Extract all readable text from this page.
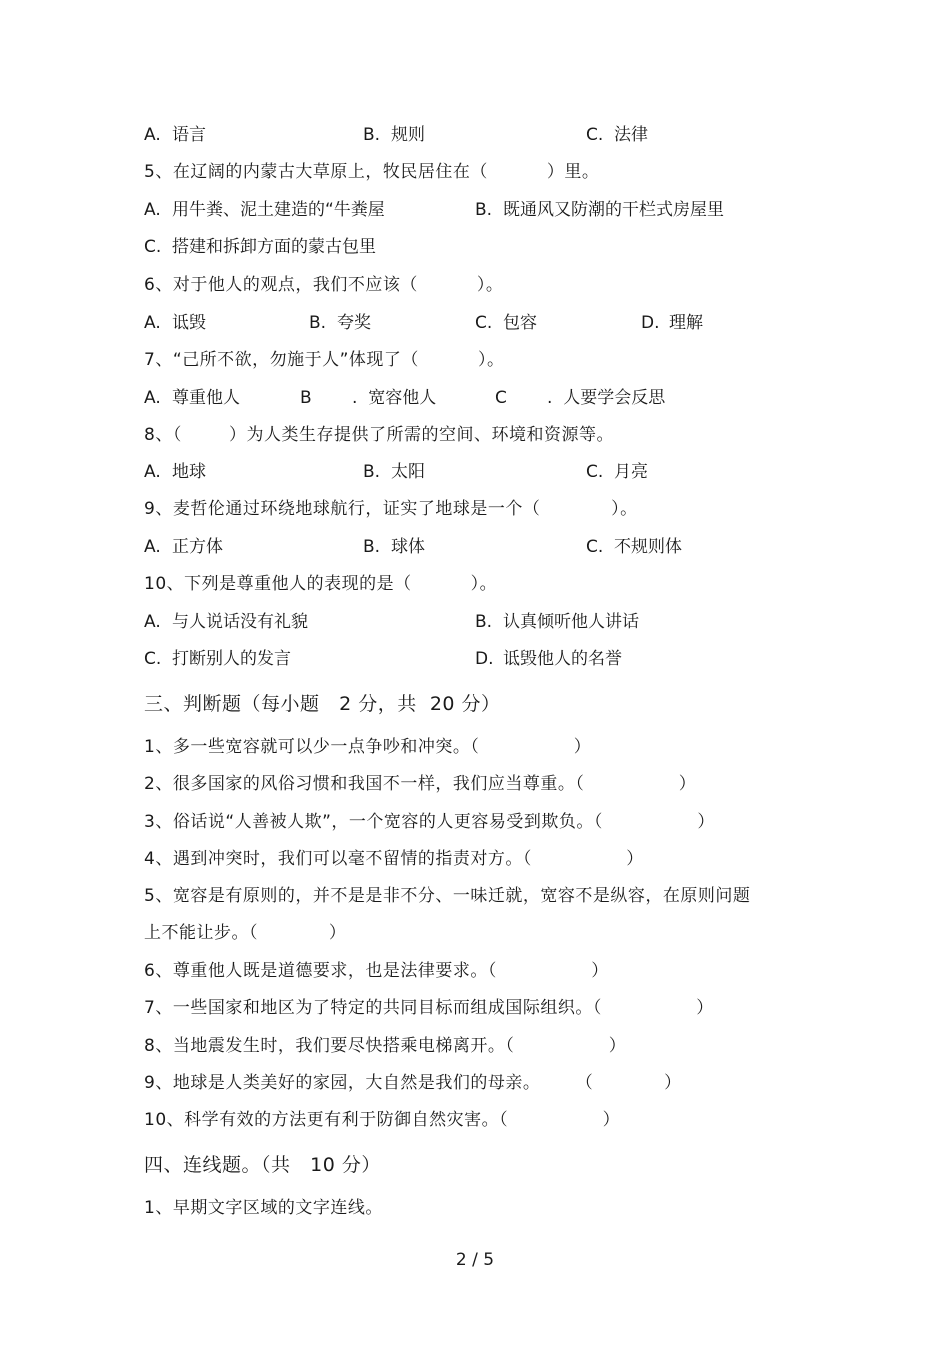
A. 语言	B. 规则	C. 法律
5、在辽阔的内蒙古大草原上，牧民居住在（          ）里。
A. 用牛粪、泥土建造的“牛粪屋	B. 既通风又防潮的干栏式房屋里
C. 搭建和拆卸方面的蒙古包里
6、对于他人的观点，我们不应该（          ）。
A. 诋毁	B. 夸奖	C. 包容	D. 理解
7、“己所不欲，勿施于人”体现了（          ）。
A. 尊重他人	B .  宽容他人	C .  人要学会反思
8、（        ）为人类生存提供了所需的空间、环境和资源等。
A. 地球	B. 太阳	C. 月亮
9、麦哲伦通过环绕地球航行，证实了地球是一个（            ）。
A. 正方体	B. 球体	C. 不规则体
10、下列是尊重他人的表现的是（          ）。
A. 与人说话没有礼貌	B. 认真倾听他人讲话
C. 打断别人的发言	D. 诋毁他人的名誉
三、判断题（每小题   2 分，共  20 分）
1、多一些宽容就可以少一点争吵和冲突。（                ）
2、很多国家的风俗习惯和我国不一样，我们应当尊重。（                ）
3、俗话说“人善被人欺”，一个宽容的人更容易受到欺负。（                ）
4、遇到冲突时，我们可以毫不留情的指责对方。（                ）
5、宽容是有原则的，并不是是非不分、一味迁就，宽容不是纵容，在原则问题
上不能让步。（            ）
6、尊重他人既是道德要求，也是法律要求。（                ）
7、一些国家和地区为了特定的共同目标而组成国际组织。（                ）
8、当地震发生时，我们要尽快搭乘电梯离开。（                ）
9、地球是人类美好的家园，大自然是我们的母亲。      （            ）
10、科学有效的方法更有利于防御自然灾害。（                ）
四、连线题。（共   10 分）
1、早期文字区域的文字连线。
2 / 5
